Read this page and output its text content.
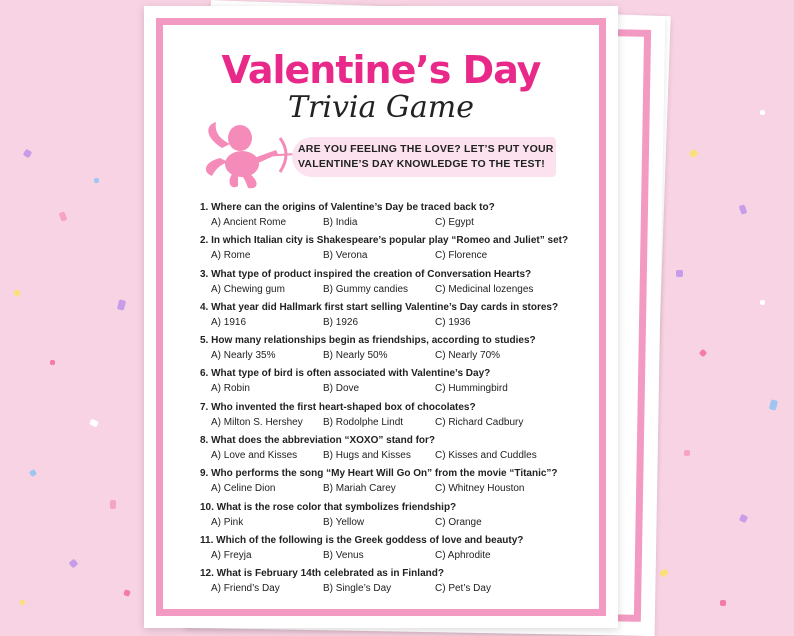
Valentine’s Day
Trivia Game
ARE YOU FEELING THE LOVE? LET’S PUT YOUR
VALENTINE’S DAY KNOWLEDGE TO THE TEST!
1. Where can the origins of Valentine’s Day be traced back to?
A) Ancient Rome	B) India	C) Egypt
2. In which Italian city is Shakespeare’s popular play “Romeo and Juliet” set?
A) Rome	B) Verona	C) Florence
3. What type of product inspired the creation of Conversation Hearts?
A) Chewing gum	B) Gummy candies	C) Medicinal lozenges
4. What year did Hallmark first start selling Valentine’s Day cards in stores?
A) 1916	B) 1926	C) 1936
5. How many relationships begin as friendships, according to studies?
A) Nearly 35%	B) Nearly 50%	C) Nearly 70%
6. What type of bird is often associated with Valentine’s Day?
A) Robin	B) Dove	C) Hummingbird
7. Who invented the first heart-shaped box of chocolates?
A) Milton S. Hershey	B) Rodolphe Lindt	C) Richard Cadbury
8. What does the abbreviation “XOXO” stand for?
A) Love and Kisses	B) Hugs and Kisses	C) Kisses and Cuddles
9. Who performs the song “My Heart Will Go On” from the movie “Titanic”?
A) Celine Dion	B) Mariah Carey	C) Whitney Houston
10. What is the rose color that symbolizes friendship?
A) Pink	B) Yellow	C) Orange
11. Which of the following is the Greek goddess of love and beauty?
A) Freyja	B) Venus	C) Aphrodite
12. What is February 14th celebrated as in Finland?
A) Friend’s Day	B) Single’s Day	C) Pet’s Day
